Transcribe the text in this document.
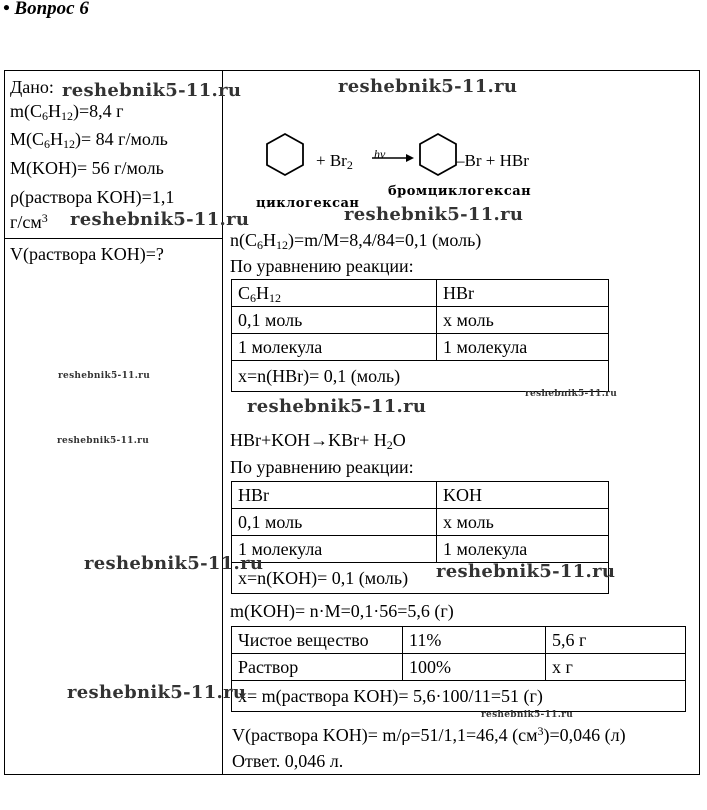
• Вопрос 6
Дано:
$m(C_6H_{12})=8,4$ г
$M(C_6H_{12})= 84$ г/моль
M(KOH)= 56 г/моль
ρ(раствора KOH)=1,1
$г/см^3$
V(раствора KOH)=?
+ $Br_2$
hν	–Br + HBr
циклогексан
бромциклогексан
$n(C_6H_{12})=m/M=8,4/84=0,1$ (моль)
По уравнению реакции:
$C_6H_{12}$	HBr
0,1 моль	x моль
1 молекула	1 молекула
x=n(HBr)= 0,1 (моль)	
$HBr+KOH\to KBr+ H_2O$
По уравнению реакции:
HBr	KOH
0,1 моль	x моль
1 молекула	1 молекула
x=n(KOH)= 0,1 (моль)	
m(KOH)= n·M=0,1·56=5,6 (г)
Чистое вещество	11%	5,6 г
Раствор	100%	x г
x= m(раствора KOH)= 5,6·100/11=51 (г)		
V(раствора KOH)= m/ρ=51/1,1=46,4 $(см^3)=0,046$ (л)
Ответ. 0,046 л.
reshebnik5-11.ru	reshebnik5-11.ru
reshebnik5-11.ru	reshebnik5-11.ru
reshebnik5-11.ru
reshebnik5-11.ru
reshebnik5-11.ru
reshebnik5-11.ru
reshebnik5-11.ru	reshebnik5-11.ru
reshebnik5-11.ru
reshebnik5-11.ru
